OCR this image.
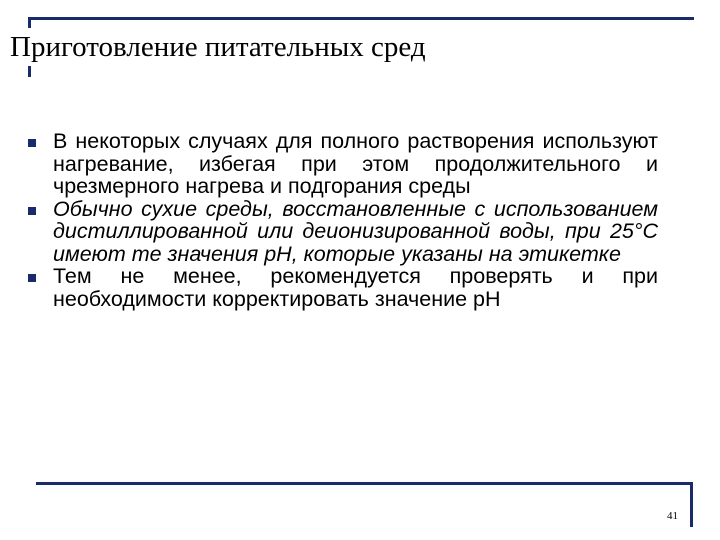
Приготовление питательных сред
В некоторых случаях для полного растворения используют нагревание, избегая при этом продолжительного и чрезмерного нагрева и подгорания среды
Обычно сухие среды, восстановленные с использованием дистиллированной или деионизированной воды, при 25°С имеют те значения рН, которые указаны на этикетке
Тем не менее, рекомендуется проверять и при необходимости корректировать значение рН
41
